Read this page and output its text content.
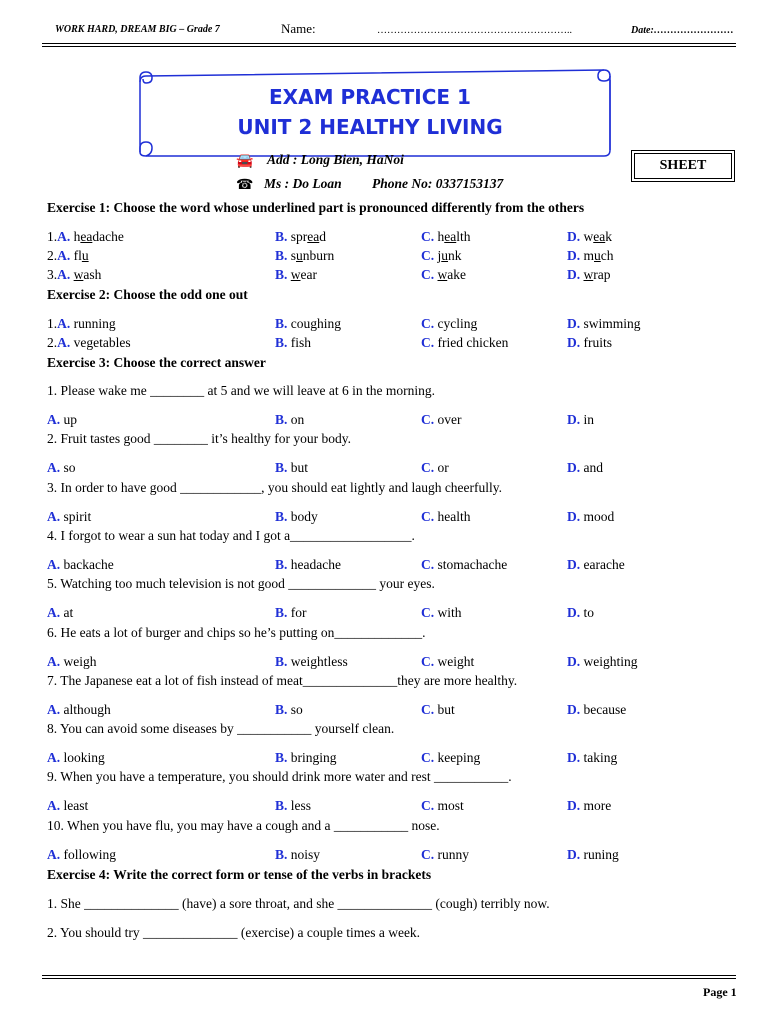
WORK HARD, DREAM BIG – Grade 7	Name:	…………………………………………………..	Date:……………………
EXAM PRACTICE 1
UNIT 2 HEALTHY LIVING
🚘 Add : Long Bien, HaNoi
☎ Ms : Do Loan Phone No: 0337153137
SHEET
Exercise 1: Choose the word whose underlined part is pronounced differently from the others
1.A. headache	B. spread	C. health	D. weak
2.A. flu	B. sunburn	C. junk	D. much
3.A. wash	B. wear	C. wake	D. wrap
Exercise 2: Choose the odd one out
1.A. running	B. coughing	C. cycling	D. swimming
2.A. vegetables	B. fish	C. fried chicken	D. fruits
Exercise 3: Choose the correct answer
1. Please wake me ________ at 5 and we will leave at 6 in the morning.
A. up	B. on	C. over	D. in
2. Fruit tastes good ________ it’s healthy for your body.
A. so	B. but	C. or	D. and
3. In order to have good ____________, you should eat lightly and laugh cheerfully.
A. spirit	B. body	C. health	D. mood
4. I forgot to wear a sun hat today and I got a__________________.
A. backache	B. headache	C. stomachache	D. earache
5. Watching too much television is not good _____________ your eyes.
A. at	B. for	C. with	D. to
6. He eats a lot of burger and chips so he’s putting on_____________.
A. weigh	B. weightless	C. weight	D. weighting
7. The Japanese eat a lot of fish instead of meat______________they are more healthy.
A. although	B. so	C. but	D. because
8. You can avoid some diseases by ___________ yourself clean.
A. looking	B. bringing	C. keeping	D. taking
9. When you have a temperature, you should drink more water and rest ___________.
A. least	B. less	C. most	D. more
10. When you have flu, you may have a cough and a ___________ nose.
A. following	B. noisy	C. runny	D. runing
Exercise 4: Write the correct form or tense of the verbs in brackets
1. She ______________ (have) a sore throat, and she ______________ (cough) terribly now.
2. You should try ______________ (exercise) a couple times a week.
Page 1
